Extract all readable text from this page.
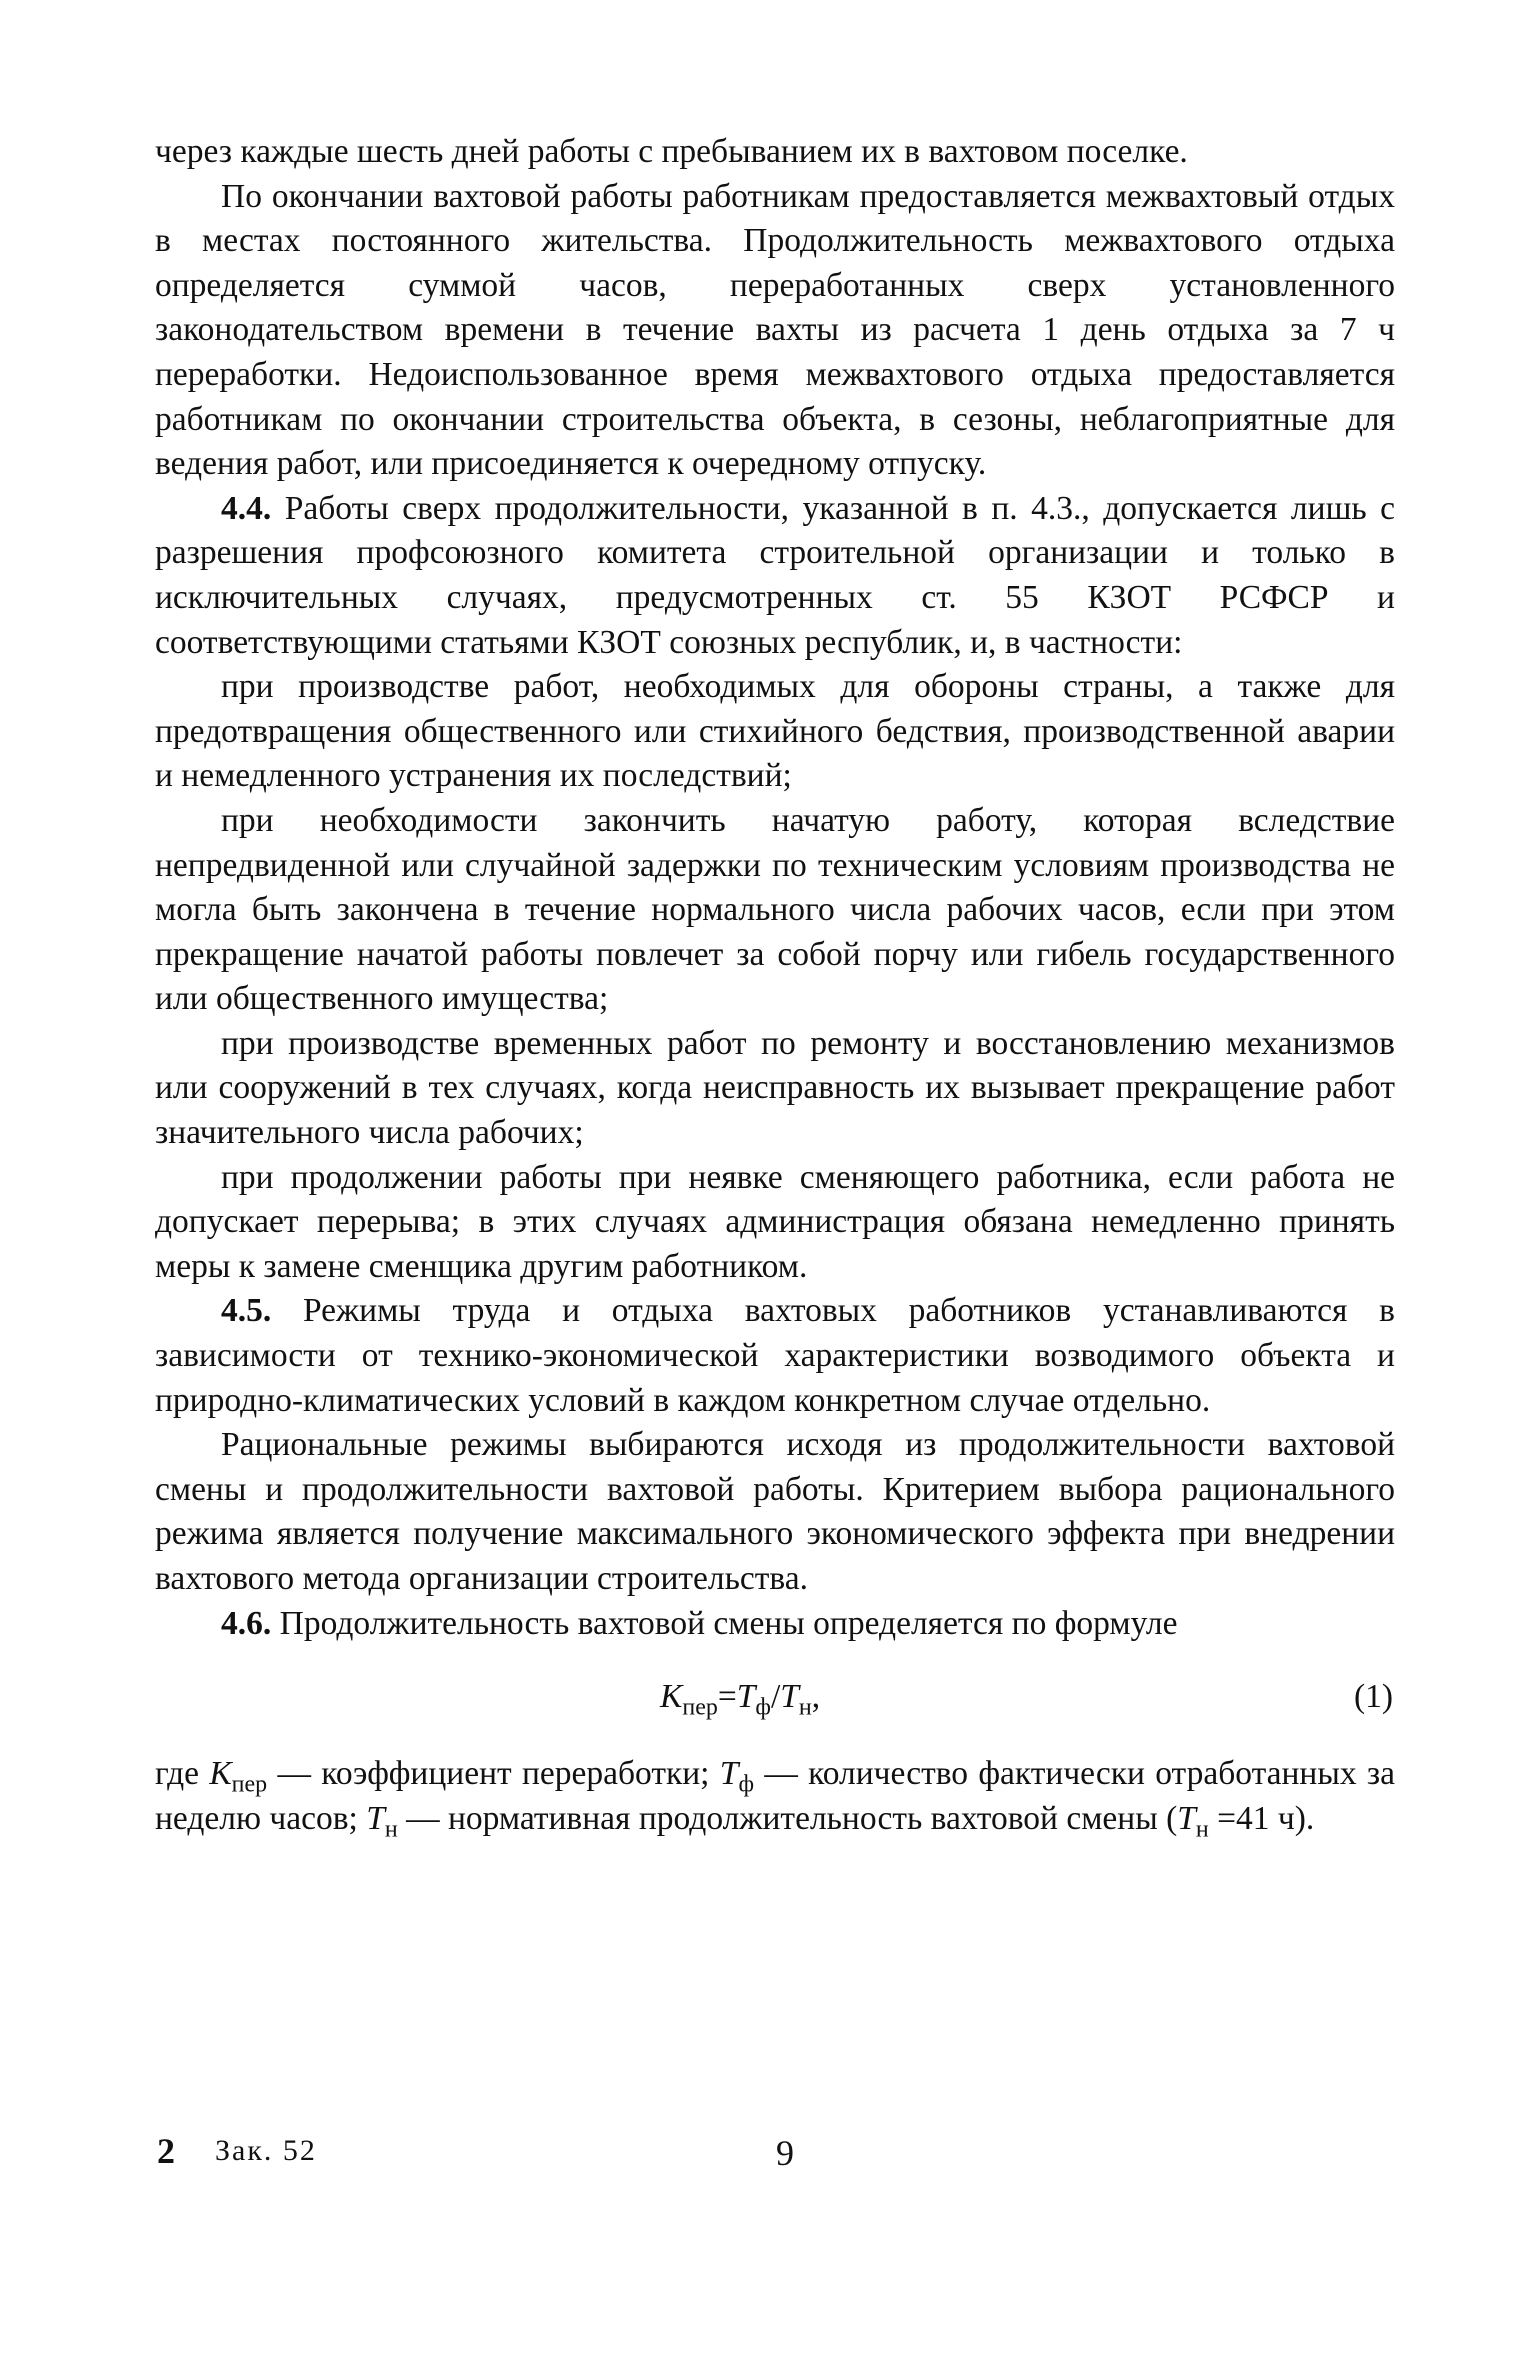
через каждые шесть дней работы с пребыванием их в вахтовом поселке.

По окончании вахтовой работы работникам предоставляется межвахтовый отдых в местах постоянного жительства. Продолжительность межвахтового отдыха определяется суммой часов, переработанных сверх установленного законодательством времени в течение вахты из расчета 1 день отдыха за 7 ч переработки. Недоиспользованное время межвахтового отдыха предоставляется работникам по окончании строительства объекта, в сезоны, неблагоприятные для ведения работ, или присоединяется к очередному отпуску.

4.4. Работы сверх продолжительности, указанной в п. 4.3., допускается лишь с разрешения профсоюзного комитета строительной организации и только в исключительных случаях, предусмотренных ст. 55 КЗОТ РСФСР и соответствующими статьями КЗОТ союзных республик, и, в частности:

при производстве работ, необходимых для обороны страны, а также для предотвращения общественного или стихийного бедствия, производственной аварии и немедленного устранения их последствий;

при необходимости закончить начатую работу, которая вследствие непредвиденной или случайной задержки по техническим условиям производства не могла быть закончена в течение нормального числа рабочих часов, если при этом прекращение начатой работы повлечет за собой порчу или гибель государственного или общественного имущества;

при производстве временных работ по ремонту и восстановлению механизмов или сооружений в тех случаях, когда неисправность их вызывает прекращение работ значительного числа рабочих;

при продолжении работы при неявке сменяющего работника, если работа не допускает перерыва; в этих случаях администрация обязана немедленно принять меры к замене сменщика другим работником.

4.5. Режимы труда и отдыха вахтовых работников устанавливаются в зависимости от технико-экономической характеристики возводимого объекта и природно-климатических условий в каждом конкретном случае отдельно.

Рациональные режимы выбираются исходя из продолжительности вахтовой смены и продолжительности вахтовой работы. Критерием выбора рационального режима является получение максимального экономического эффекта при внедрении вахтового метода организации строительства.

4.6. Продолжительность вахтовой смены определяется по формуле

$K_{пер}=T_ф/T_н$,	(1)

где $K_{пер}$ — коэффициент переработки; $T_ф$ — количество фактически отработанных за неделю часов; $T_н$ — нормативная продолжительность вахтовой смены ($T_н =41$ ч).

2 Зак. 52	9
